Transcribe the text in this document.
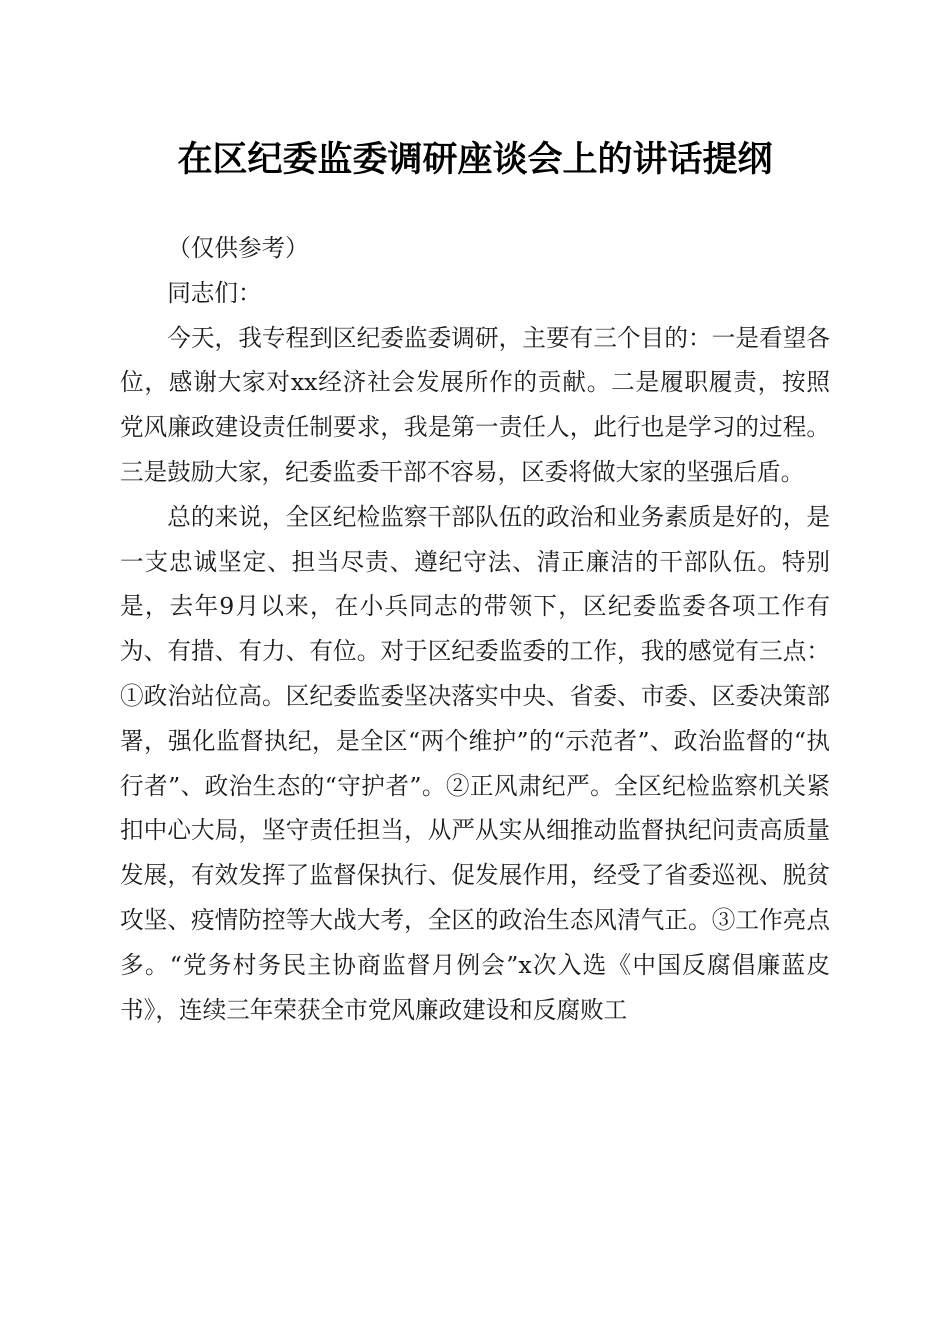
在区纪委监委调研座谈会上的讲话提纲

（仅供参考）

同志们：

今天，我专程到区纪委监委调研，主要有三个目的：一是看望各位，感谢大家对xx经济社会发展所作的贡献。二是履职履责，按照党风廉政建设责任制要求，我是第一责任人，此行也是学习的过程。三是鼓励大家，纪委监委干部不容易，区委将做大家的坚强后盾。

总的来说，全区纪检监察干部队伍的政治和业务素质是好的，是一支忠诚坚定、担当尽责、遵纪守法、清正廉洁的干部队伍。特别是，去年9月以来，在小兵同志的带领下，区纪委监委各项工作有为、有措、有力、有位。对于区纪委监委的工作，我的感觉有三点：①政治站位高。区纪委监委坚决落实中央、省委、市委、区委决策部署，强化监督执纪，是全区“两个维护”的“示范者”、政治监督的“执行者”、政治生态的“守护者”。②正风肃纪严。全区纪检监察机关紧扣中心大局，坚守责任担当，从严从实从细推动监督执纪问责高质量发展，有效发挥了监督保执行、促发展作用，经受了省委巡视、脱贫攻坚、疫情防控等大战大考，全区的政治生态风清气正。③工作亮点多。“党务村务民主协商监督月例会”x次入选《中国反腐倡廉蓝皮书》，连续三年荣获全市党风廉政建设和反腐败工
